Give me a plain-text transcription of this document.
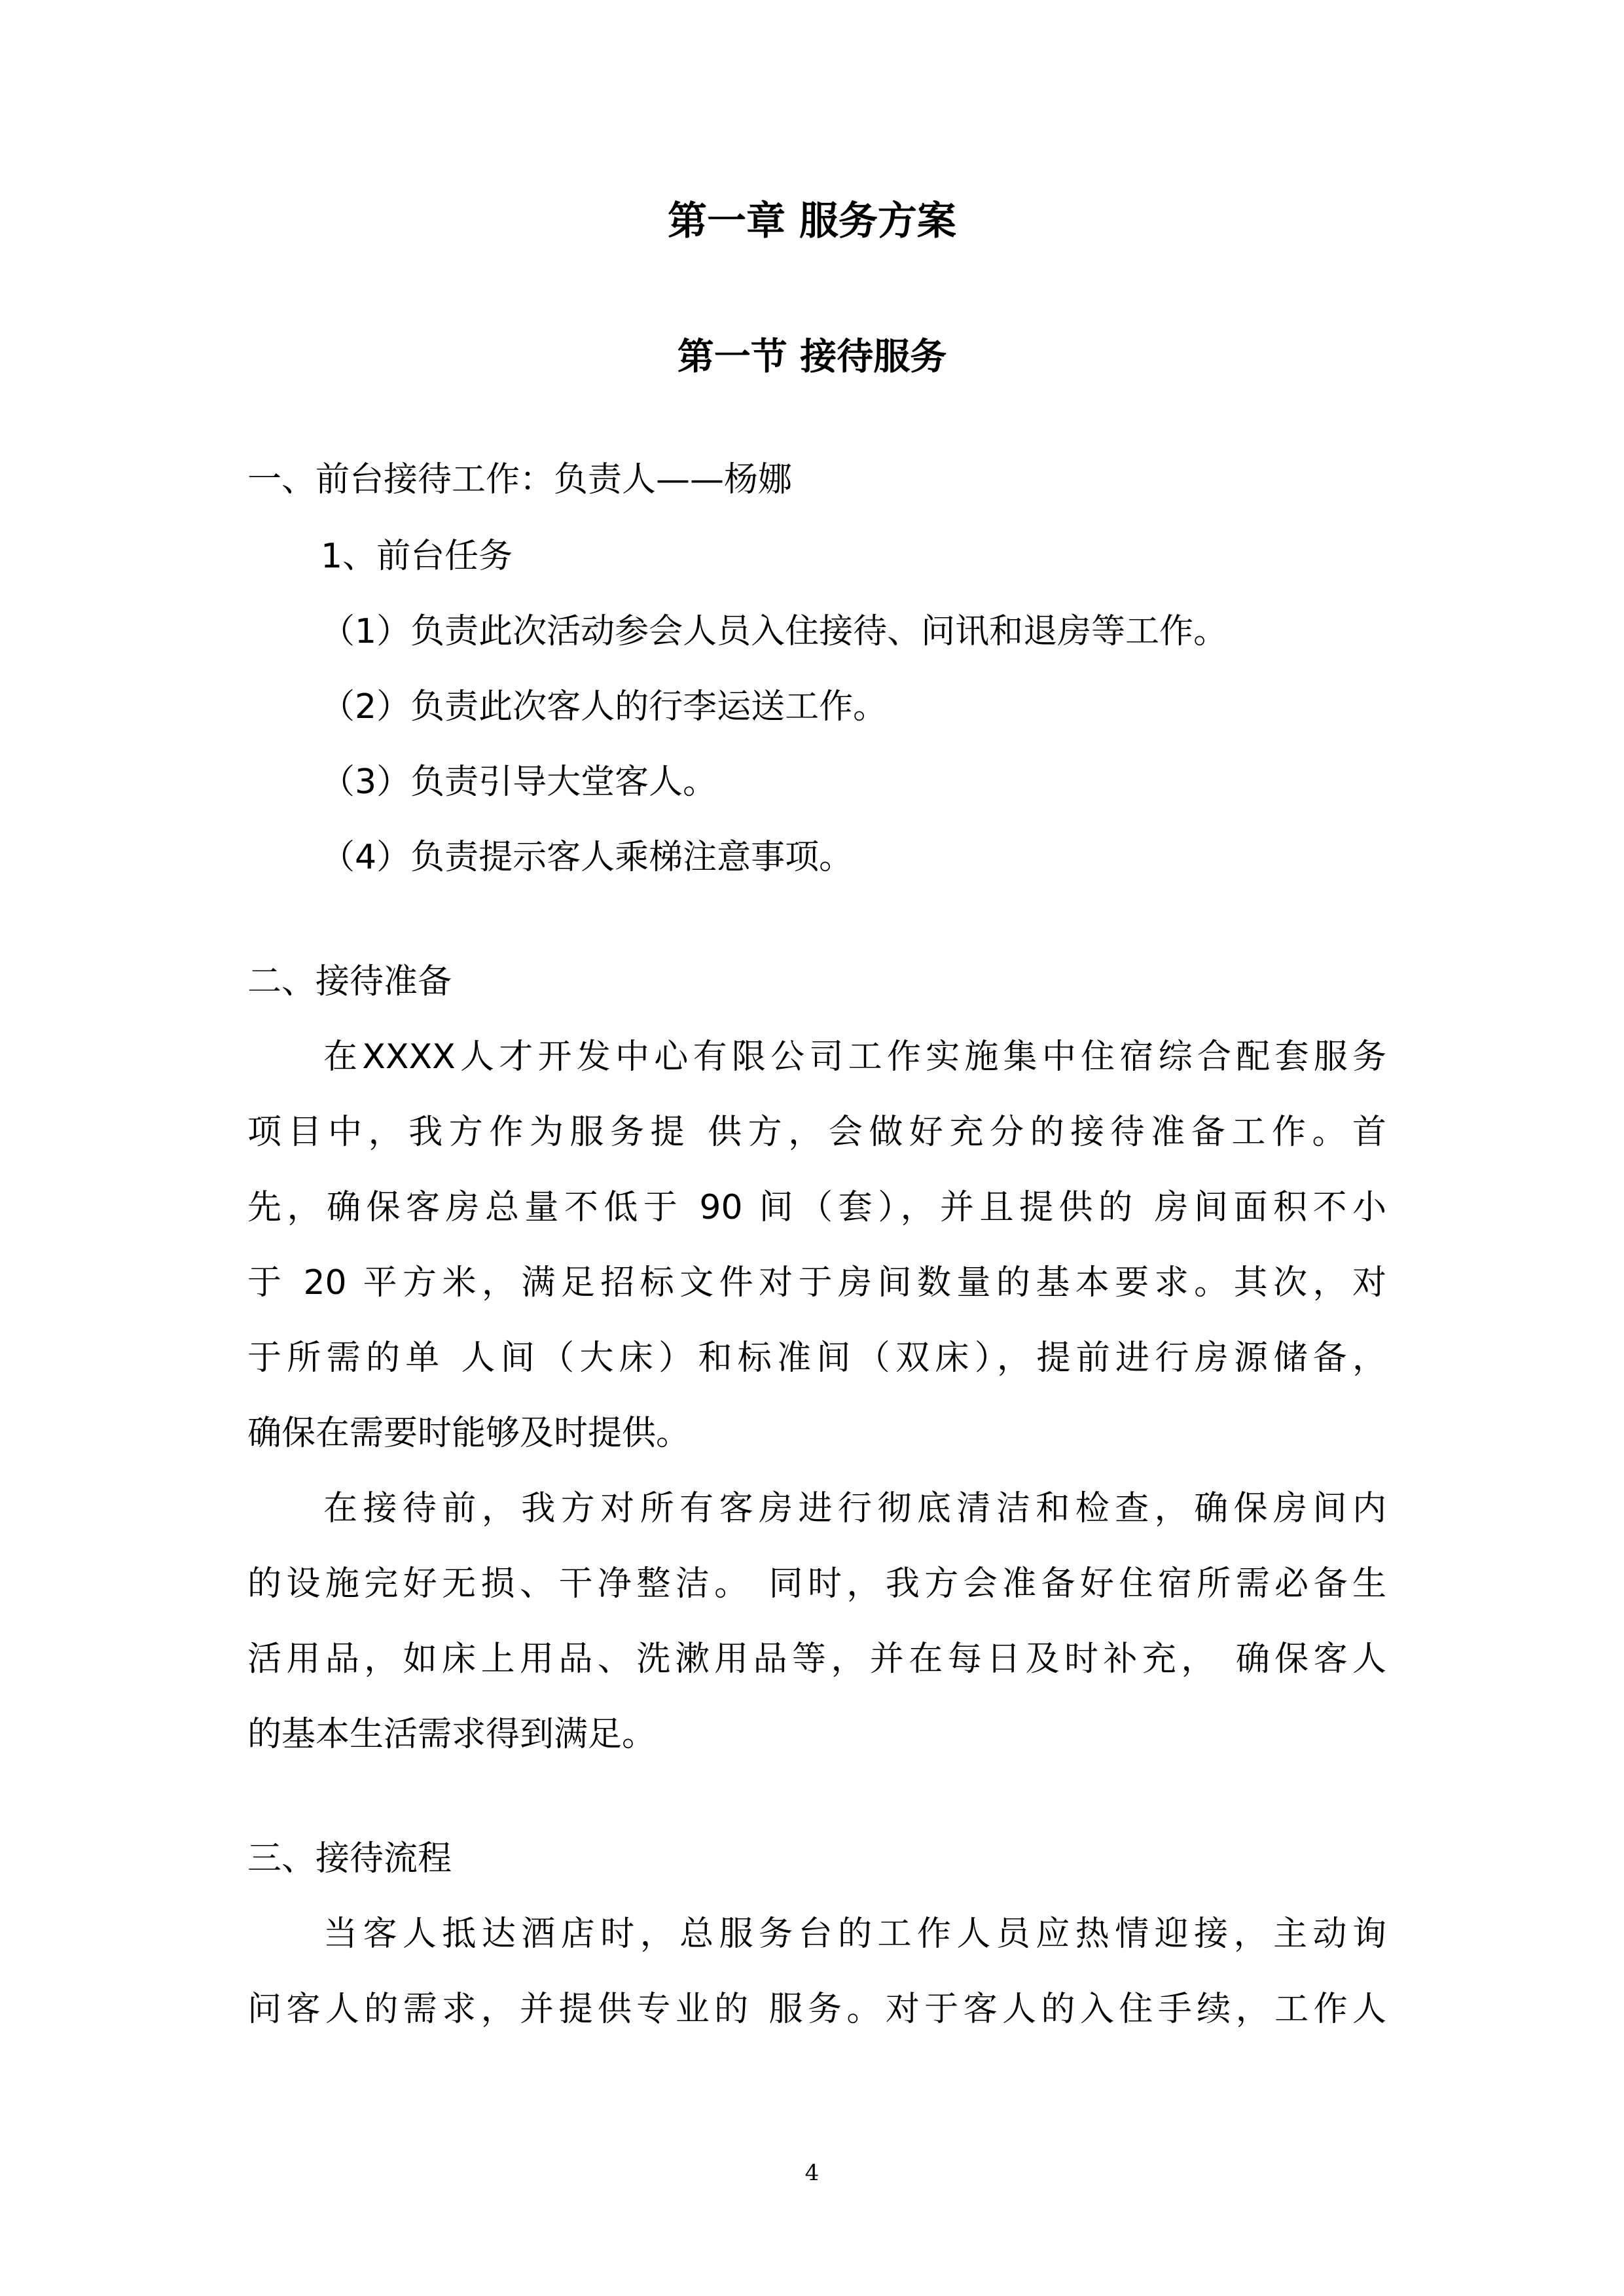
第一章 服务方案
第一节 接待服务
一、前台接待工作：负责人——杨娜
1、前台任务
（1）负责此次活动参会人员入住接待、问讯和退房等工作。
（2）负责此次客人的行李运送工作。
（3）负责引导大堂客人。
（4）负责提示客人乘梯注意事项。
二、接待准备
在XXXX人才开发中心有限公司工作实施集中住宿综合配套服务
项目中，我方作为服务提 供方，会做好充分的接待准备工作。首
先，确保客房总量不低于 90 间（套），并且提供的 房间面积不小
于 20 平方米，满足招标文件对于房间数量的基本要求。其次，对
于所需的单 人间（大床）和标准间（双床），提前进行房源储备，
确保在需要时能够及时提供。
在接待前，我方对所有客房进行彻底清洁和检查，确保房间内
的设施完好无损、干净整洁。 同时，我方会准备好住宿所需必备生
活用品，如床上用品、洗漱用品等，并在每日及时补充， 确保客人
的基本生活需求得到满足。
三、接待流程
当客人抵达酒店时，总服务台的工作人员应热情迎接，主动询
问客人的需求，并提供专业的 服务。对于客人的入住手续，工作人
4
